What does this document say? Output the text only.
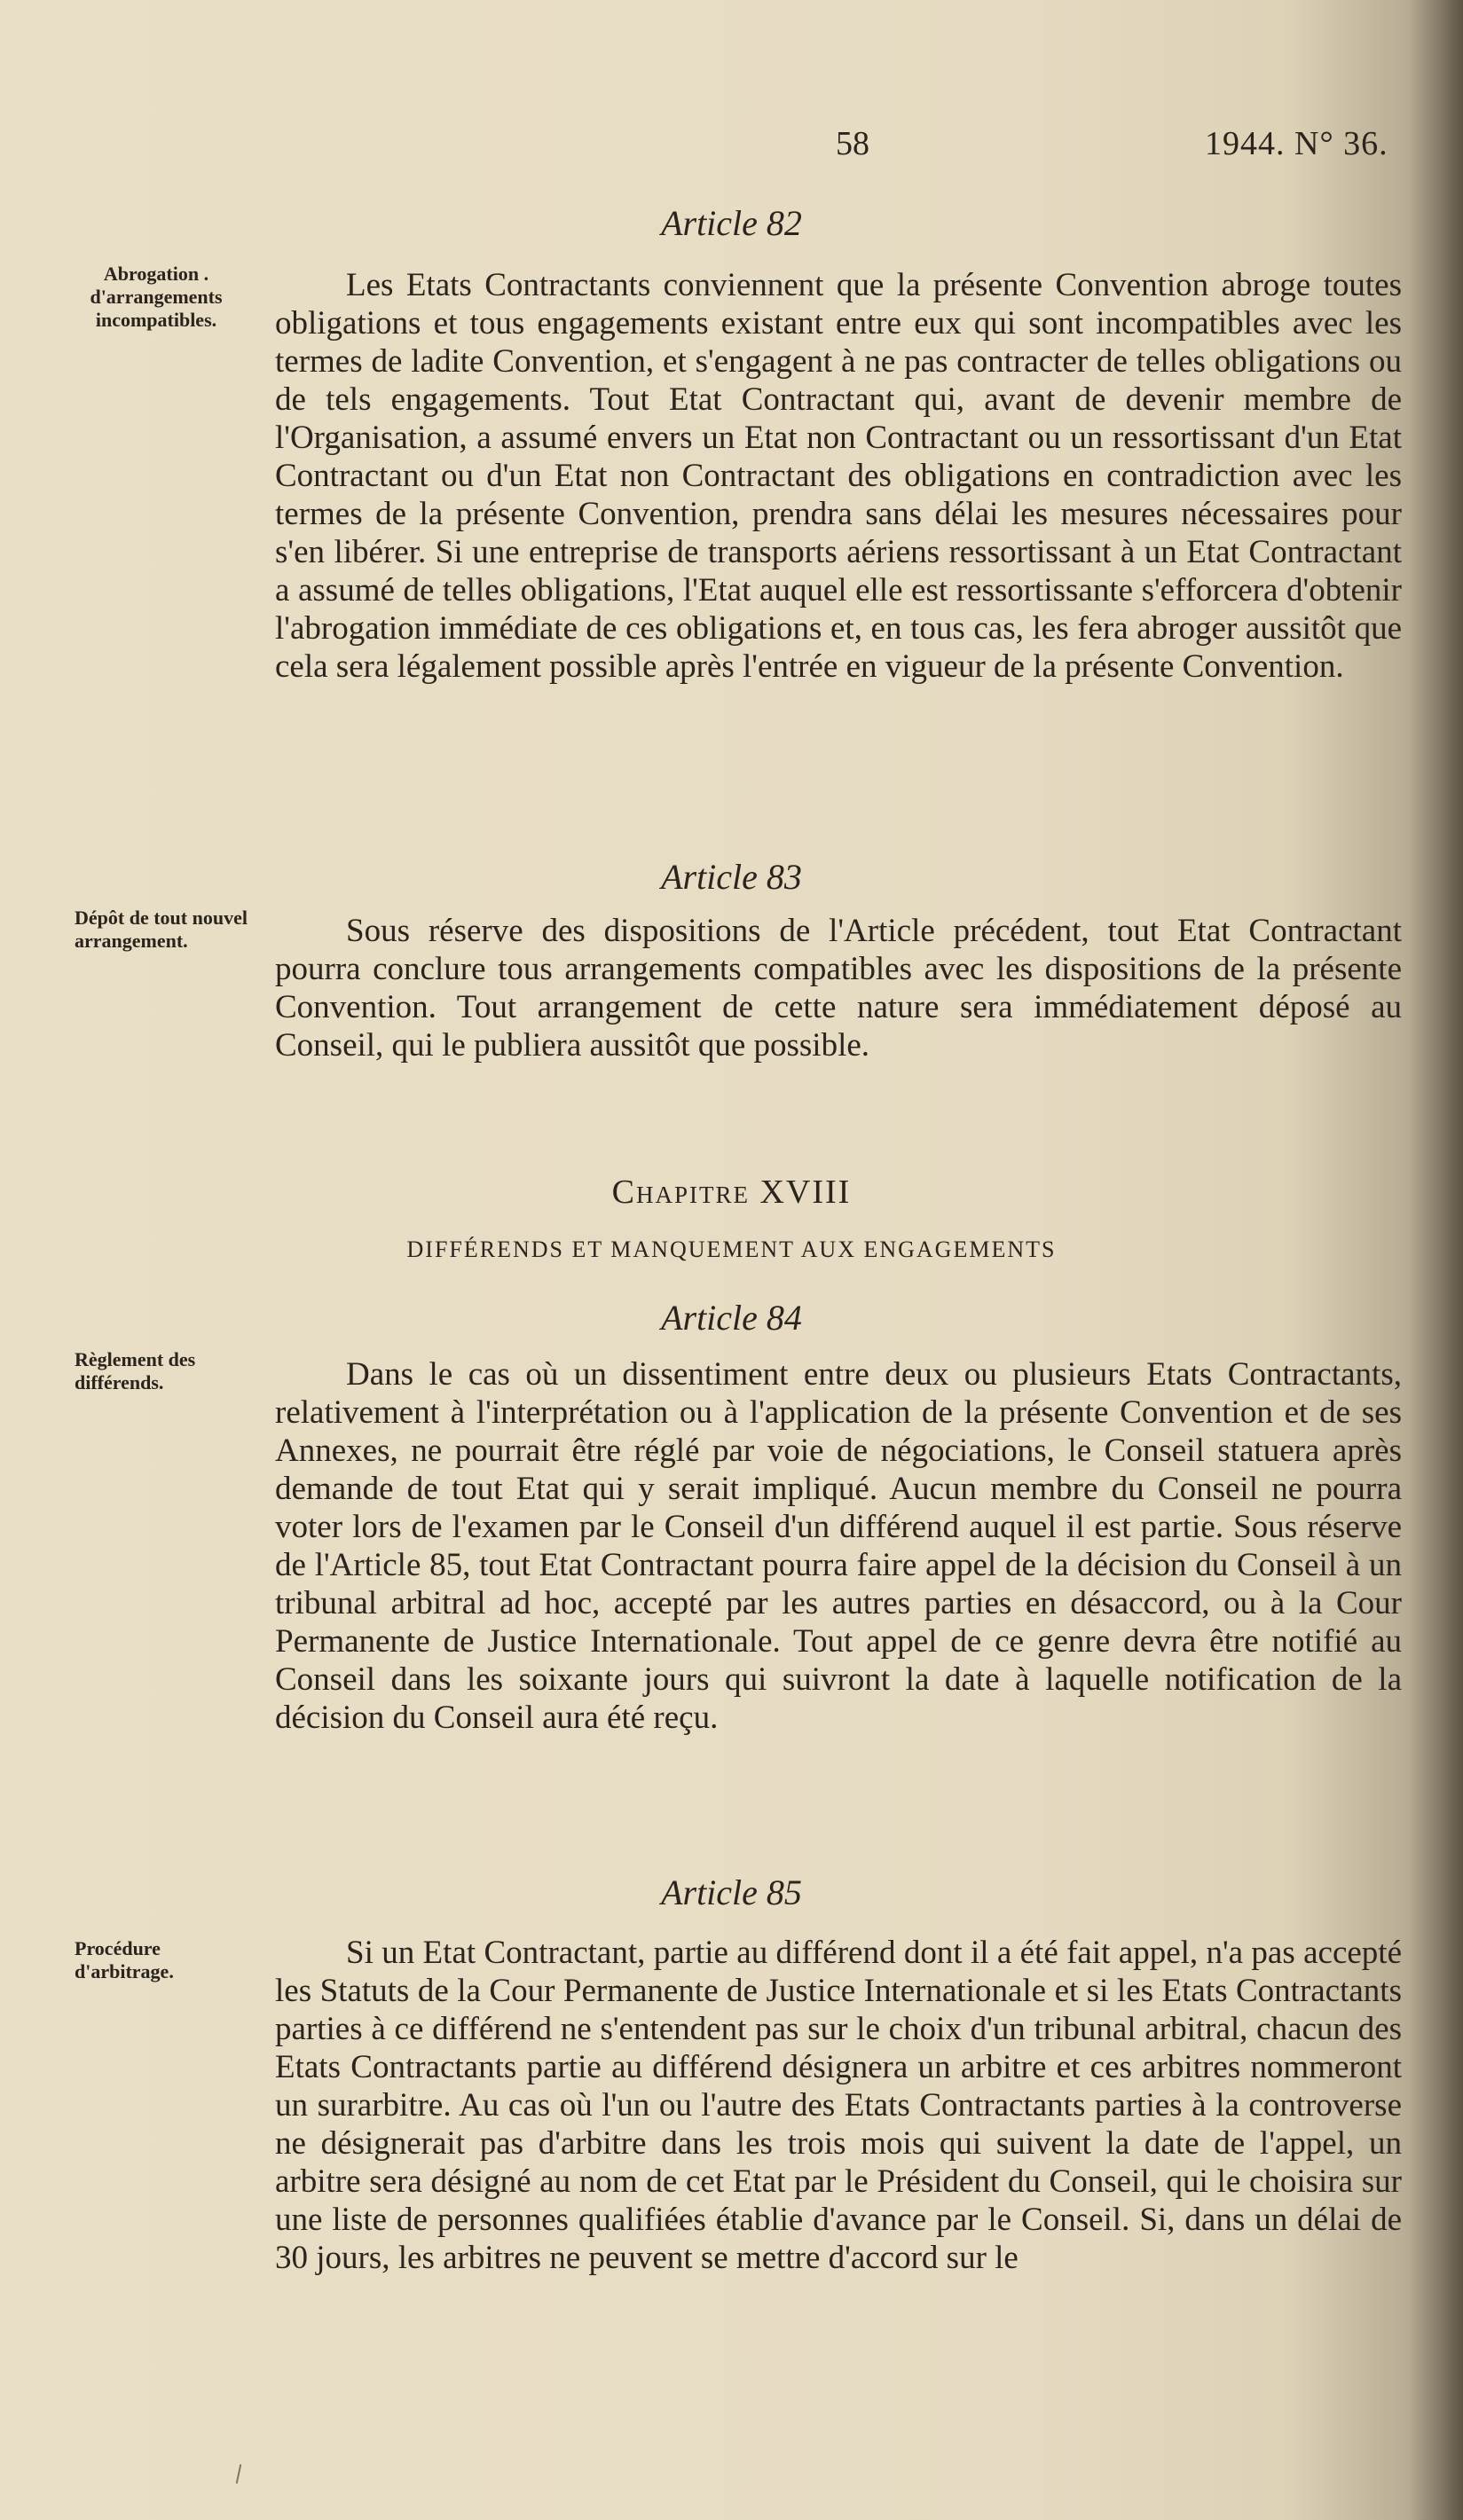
58	1944. N° 36.
Article 82
Abrogation . d'arrangements incompatibles.

Les Etats Contractants conviennent que la présente Convention abroge toutes obligations et tous engagements existant entre eux qui sont incompatibles avec les termes de ladite Convention, et s'engagent à ne pas contracter de telles obligations ou de tels engagements. Tout Etat Contractant qui, avant de devenir membre de l'Organisation, a assumé envers un Etat non Contractant ou un ressortissant d'un Etat Contractant ou d'un Etat non Contractant des obligations en contradiction avec les termes de la présente Convention, prendra sans délai les mesures nécessaires pour s'en libérer. Si une entreprise de transports aériens ressortissant à un Etat Contractant a assumé de telles obligations, l'Etat auquel elle est ressortissante s'efforcera d'obtenir l'abrogation immédiate de ces obligations et, en tous cas, les fera abroger aussitôt que cela sera légalement possible après l'entrée en vigueur de la présente Convention.

Article 83
Dépôt de tout nouvel arrangement.	Sous réserve des dispositions de l'Article précédent, tout Etat Contractant pourra conclure tous arrangements compatibles avec les dispositions de la présente Convention. Tout arrangement de cette nature sera immédiatement déposé au Conseil, qui le publiera aussitôt que possible.

Chapitre XVIII
DIFFÉRENDS ET MANQUEMENT AUX ENGAGEMENTS
Article 84
Règlement des différends.	Dans le cas où un dissentiment entre deux ou plusieurs Etats Contractants, relativement à l'interprétation ou à l'application de la présente Convention et de ses Annexes, ne pourrait être réglé par voie de négociations, le Conseil statuera après demande de tout Etat qui y serait impliqué. Aucun membre du Conseil ne pourra voter lors de l'examen par le Conseil d'un différend auquel il est partie. Sous réserve de l'Article 85, tout Etat Contractant pourra faire appel de la décision du Conseil à un tribunal arbitral ad hoc, accepté par les autres parties en désaccord, ou à la Cour Permanente de Justice Internationale. Tout appel de ce genre devra être notifié au Conseil dans les soixante jours qui suivront la date à laquelle notification de la décision du Conseil aura été reçu.

Article 85
Procédure d'arbitrage.

Si un Etat Contractant, partie au différend dont il a été fait appel, n'a pas accepté les Statuts de la Cour Permanente de Justice Internationale et si les Etats Contractants parties à ce différend ne s'entendent pas sur le choix d'un tribunal arbitral, chacun des Etats Contractants partie au différend désignera un arbitre et ces arbitres nommeront un surarbitre. Au cas où l'un ou l'autre des Etats Contractants parties à la controverse ne désignerait pas d'arbitre dans les trois mois qui suivent la date de l'appel, un arbitre sera désigné au nom de cet Etat par le Président du Conseil, qui le choisira sur une liste de personnes qualifiées établie d'avance par le Conseil. Si, dans un délai de 30 jours, les arbitres ne peuvent se mettre d'accord sur le
